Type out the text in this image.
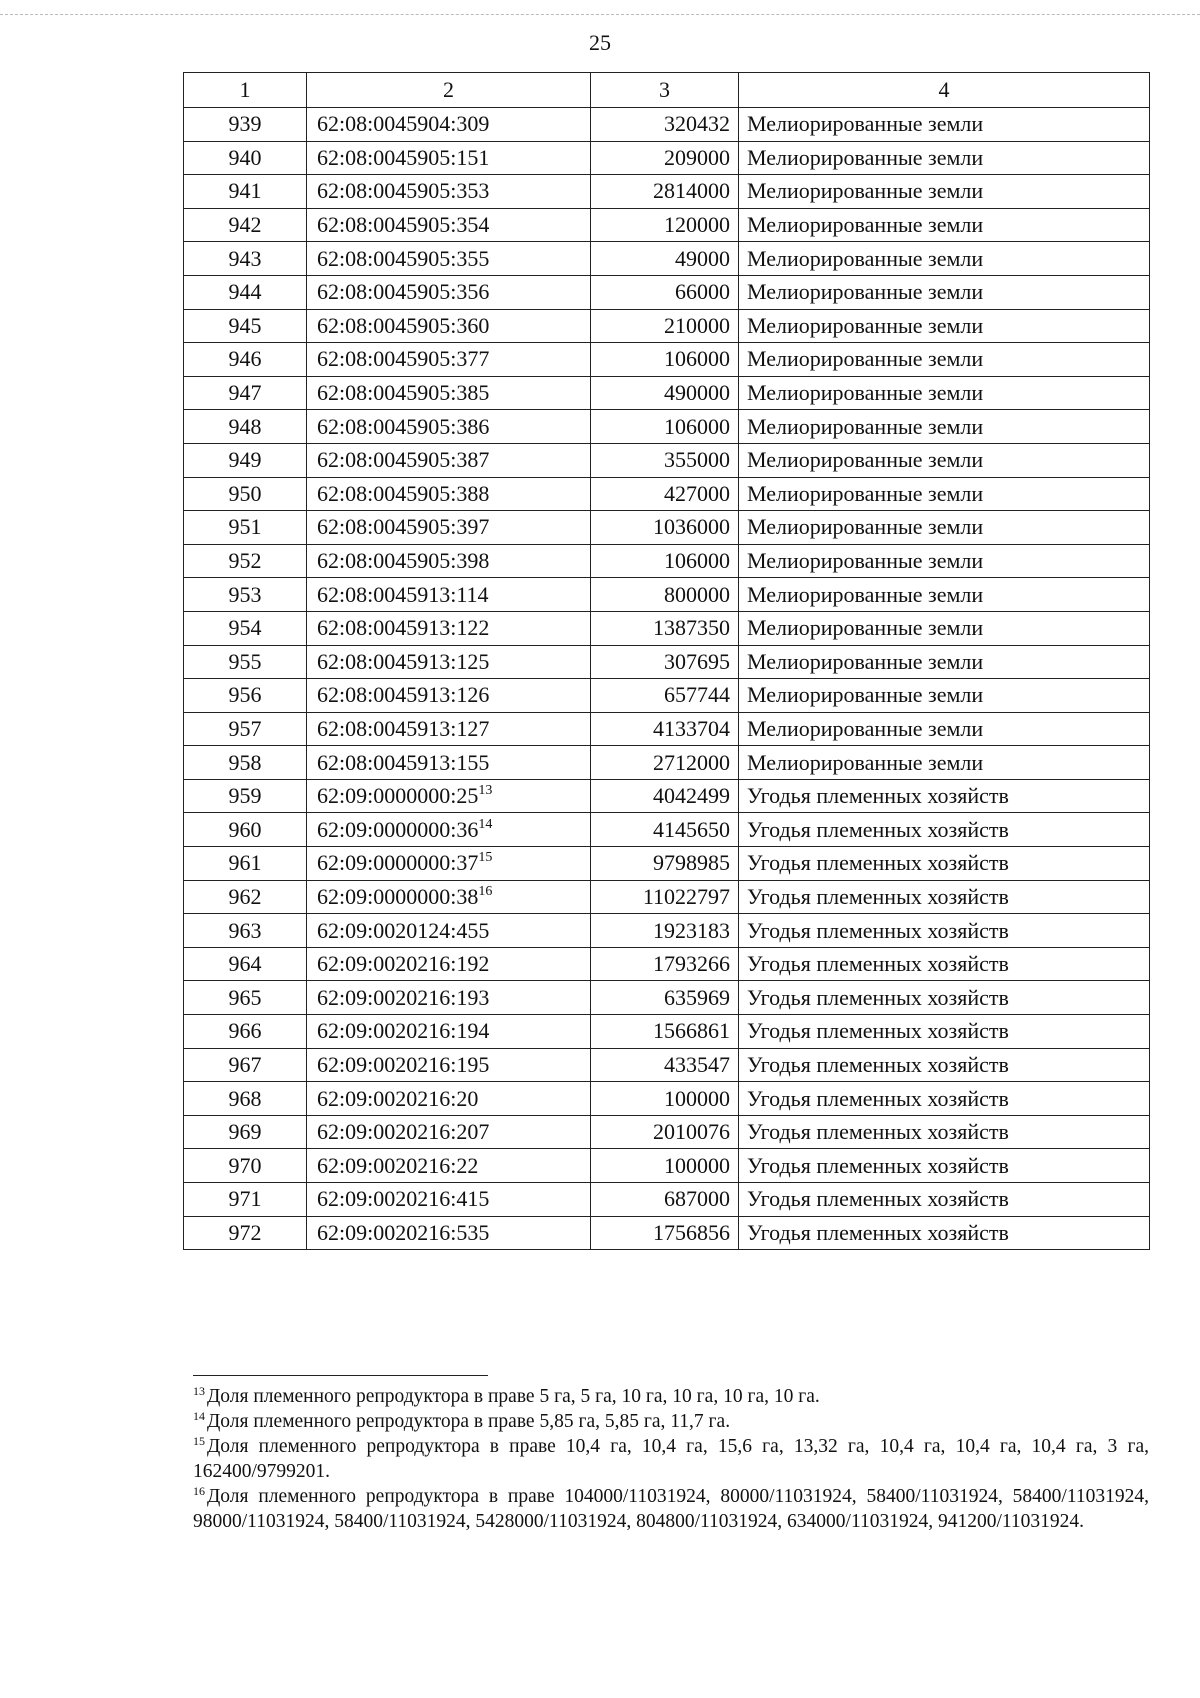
25
1	2	3	4
939	62:08:0045904:309	320432	Мелиорированные земли
940	62:08:0045905:151	209000	Мелиорированные земли
941	62:08:0045905:353	2814000	Мелиорированные земли
942	62:08:0045905:354	120000	Мелиорированные земли
943	62:08:0045905:355	49000	Мелиорированные земли
944	62:08:0045905:356	66000	Мелиорированные земли
945	62:08:0045905:360	210000	Мелиорированные земли
946	62:08:0045905:377	106000	Мелиорированные земли
947	62:08:0045905:385	490000	Мелиорированные земли
948	62:08:0045905:386	106000	Мелиорированные земли
949	62:08:0045905:387	355000	Мелиорированные земли
950	62:08:0045905:388	427000	Мелиорированные земли
951	62:08:0045905:397	1036000	Мелиорированные земли
952	62:08:0045905:398	106000	Мелиорированные земли
953	62:08:0045913:114	800000	Мелиорированные земли
954	62:08:0045913:122	1387350	Мелиорированные земли
955	62:08:0045913:125	307695	Мелиорированные земли
956	62:08:0045913:126	657744	Мелиорированные земли
957	62:08:0045913:127	4133704	Мелиорированные земли
958	62:08:0045913:155	2712000	Мелиорированные земли
959	$62:09:0000000:25^{13}$	4042499	Угодья племенных хозяйств
960	$62:09:0000000:36^{14}$	4145650	Угодья племенных хозяйств
961	$62:09:0000000:37^{15}$	9798985	Угодья племенных хозяйств
962	$62:09:0000000:38^{16}$	11022797	Угодья племенных хозяйств
963	62:09:0020124:455	1923183	Угодья племенных хозяйств
964	62:09:0020216:192	1793266	Угодья племенных хозяйств
965	62:09:0020216:193	635969	Угодья племенных хозяйств
966	62:09:0020216:194	1566861	Угодья племенных хозяйств
967	62:09:0020216:195	433547	Угодья племенных хозяйств
968	62:09:0020216:20	100000	Угодья племенных хозяйств
969	62:09:0020216:207	2010076	Угодья племенных хозяйств
970	62:09:0020216:22	100000	Угодья племенных хозяйств
971	62:09:0020216:415	687000	Угодья племенных хозяйств
972	62:09:0020216:535	1756856	Угодья племенных хозяйств

$^{13}$ Доля племенного репродуктора в праве 5 га, 5 га, 10 га, 10 га, 10 га, 10 га.

$^{14}$ Доля племенного репродуктора в праве 5,85 га, 5,85 га, 11,7 га.

$^{15}$ Доля племенного репродуктора в праве 10,4 га, 10,4 га, 15,6 га, 13,32 га, 10,4 га, 10,4 га, 10,4 га, 3 га, 162400/9799201.

$^{16}$ Доля племенного репродуктора в праве 104000/11031924, 80000/11031924, 58400/11031924, 58400/11031924, 98000/11031924, 58400/11031924, 5428000/11031924, 804800/11031924, 634000/11031924, 941200/11031924.
